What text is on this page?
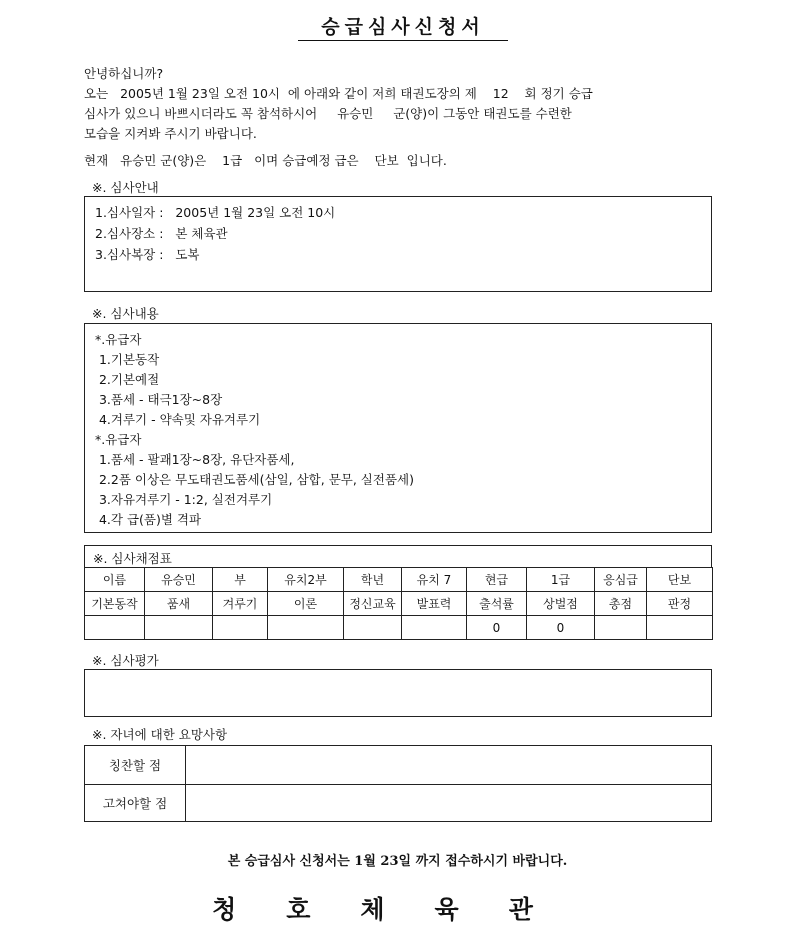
승급심사신청서
안녕하십니까?
오는   2005년 1월 23일 오전 10시  에 아래와 같이 저희 태권도장의 제    12    회 정기 승급
심사가 있으니 바쁘시더라도 꼭 참석하시어     유승민     군(양)이 그동안 태권도를 수련한
모습을 지켜봐 주시기 바랍니다.
현재   유승민 군(양)은    1급   이며 승급예정 급은    단보  입니다.
※. 심사안내
1.심사일자 :   2005년 1월 23일 오전 10시
2.심사장소 :   본 체육관
3.심사복장 :   도복
※. 심사내용
*.유급자
1.기본동작
2.기본예절
3.품세 - 태극1장~8장
4.겨루기 - 약속및 자유겨루기
*.유급자
1.품세 - 팔괘1장~8장, 유단자품세,
2.2품 이상은 무도태권도품세(삼일, 삼합, 문무, 실전품세)
3.자유겨루기 - 1:2, 실전겨루기
4.각 급(품)별 격파
※. 심사채점표
이름	유승민	부	유치2부	학년	유치 7	현급	1급	응심급	단보
기본동작	품새	겨루기	이론	정신교육	발표력	출석률	상벌점	총점	판정
						0	0		
※. 심사평가
※. 자녀에 대한 요망사항
칭찬할 점
고쳐야할 점
본 승급심사 신청서는 1월 23일 까지 접수하시기 바랍니다.
청호체육관
